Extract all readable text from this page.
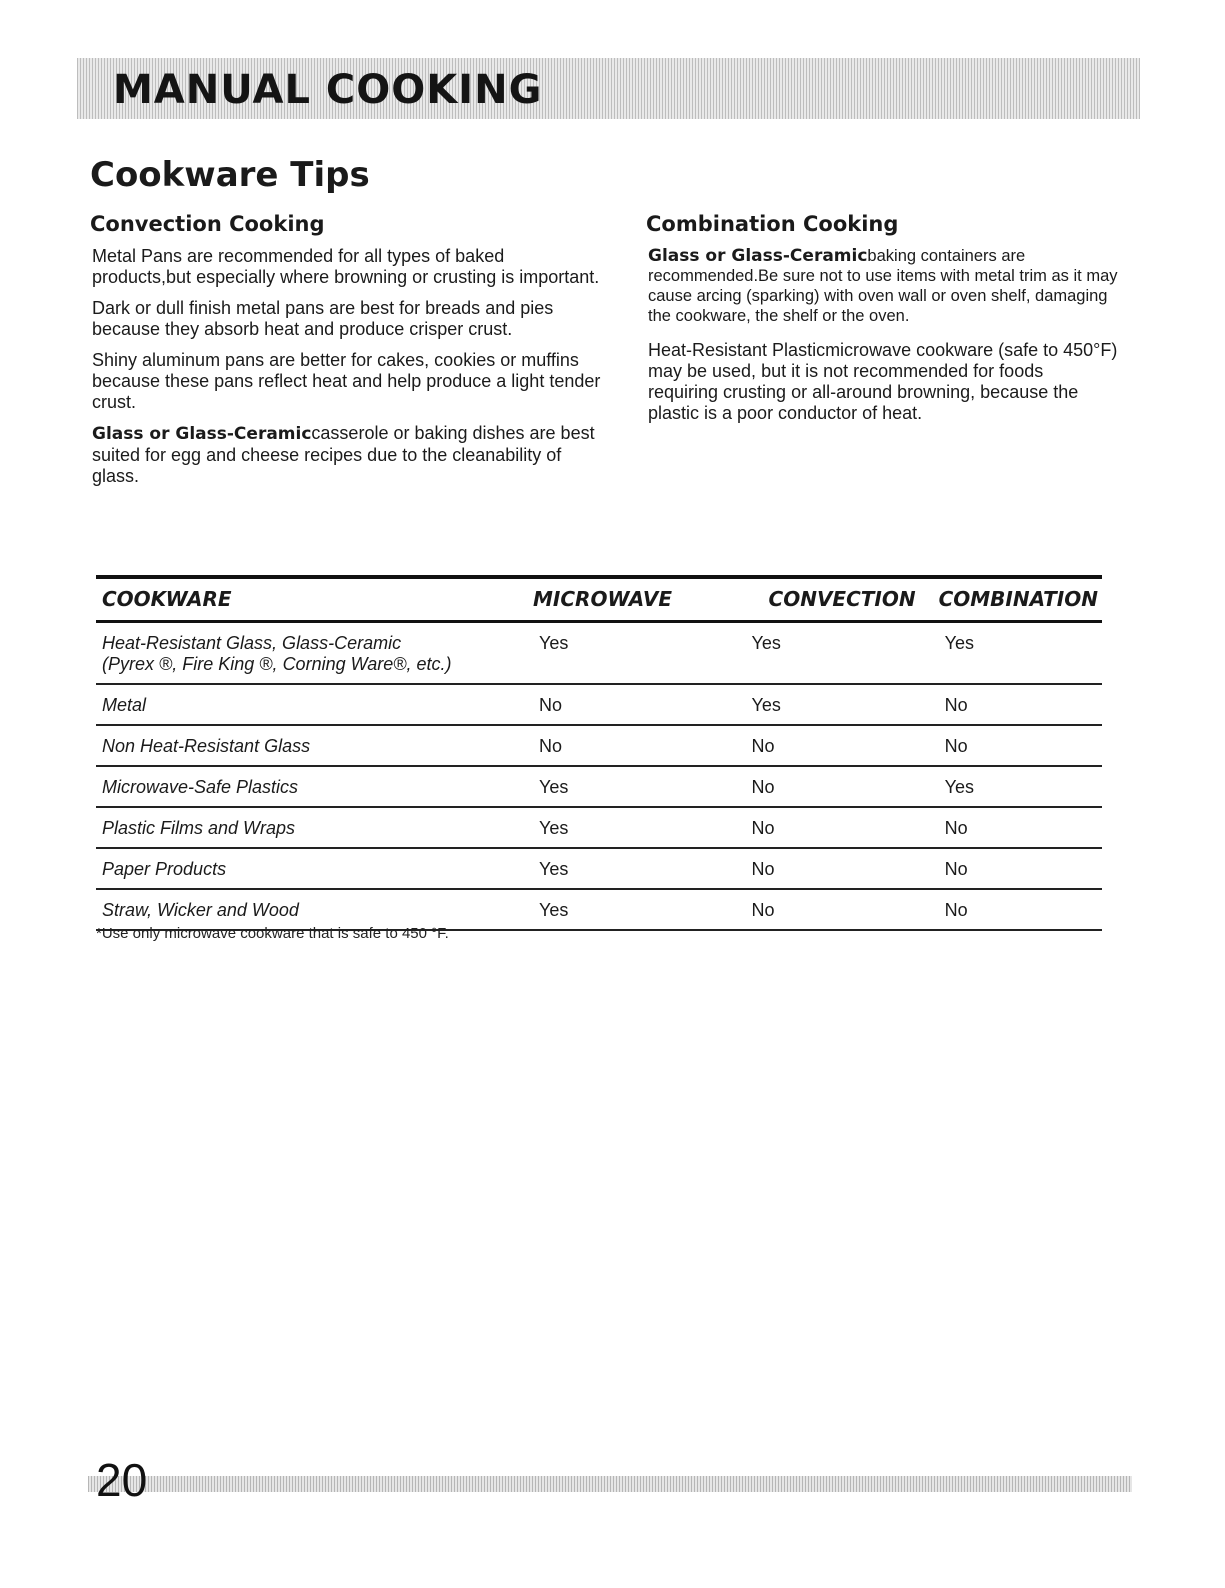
MANUAL COOKING
Cookware Tips
Convection Cooking

Metal Pans are recommended for all types of baked products,but especially where browning or crusting is important.

Dark or dull finish metal pans are best for breads and pies because they absorb heat and produce crisper crust.

Shiny aluminum pans are better for cakes, cookies or muffins because these pans reflect heat and help produce a light tender crust.

Glass or Glass-Ceramiccasserole or baking dishes are best suited for egg and cheese recipes due to the cleanability of glass.

Combination Cooking

Glass or Glass-Ceramicbaking containers are recommended.Be sure not to use items with metal trim as it may cause arcing (sparking) with oven wall or oven shelf, damaging the cookware, the shelf or the oven.

Heat-Resistant Plasticmicrowave cookware (safe to 450°F) may be used, but it is not recommended for foods requiring crusting or all-around browning, because the plastic is a poor conductor of heat.

COOKWARE	MICROWAVE	CONVECTION	COMBINATION

Heat-Resistant Glass, Glass-Ceramic
(Pyrex ®, Fire King ®, Corning Ware®, etc.)	Yes	Yes	Yes
Metal	No	Yes	No
Non Heat-Resistant Glass	No	No	No
Microwave-Safe Plastics	Yes	No	Yes
Plastic Films and Wraps	Yes	No	No
Paper Products	Yes	No	No
Straw, Wicker and Wood	Yes	No	No
*Use only microwave cookware that is safe to 450 °F.
20
